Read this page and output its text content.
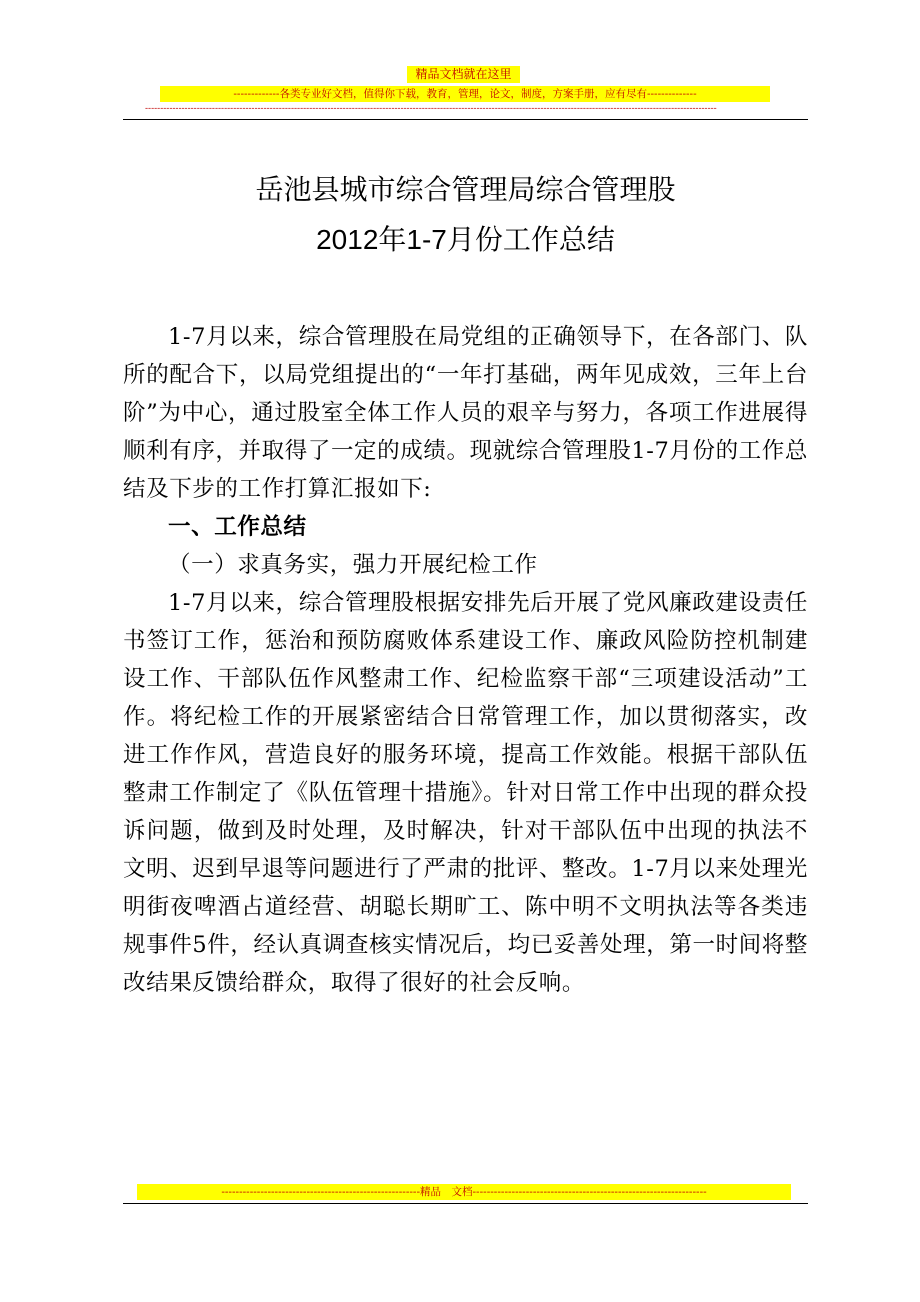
精品文档就在这里
-------------各类专业好文档，值得你下载，教育，管理，论文，制度，方案手册，应有尽有--------------
--------------------------------------------------------------------------------------------------------------------------------------------------------------------------------------------
岳池县城市综合管理局综合管理股
2012年1-7月份工作总结

1-7月以来，综合管理股在局党组的正确领导下，在各部门、队所的配合下，以局党组提出的“一年打基础，两年见成效，三年上台阶”为中心，通过股室全体工作人员的艰辛与努力，各项工作进展得顺利有序，并取得了一定的成绩。现就综合管理股1-7月份的工作总结及下步的工作打算汇报如下:

一、工作总结

（一）求真务实，强力开展纪检工作

1-7月以来，综合管理股根据安排先后开展了党风廉政建设责任书签订工作，惩治和预防腐败体系建设工作、廉政风险防控机制建设工作、干部队伍作风整肃工作、纪检监察干部“三项建设活动”工作。将纪检工作的开展紧密结合日常管理工作，加以贯彻落实，改进工作作风，营造良好的服务环境，提高工作效能。根据干部队伍整肃工作制定了《队伍管理十措施》。针对日常工作中出现的群众投诉问题，做到及时处理，及时解决，针对干部队伍中出现的执法不文明、迟到早退等问题进行了严肃的批评、整改。1-7月以来处理光明街夜啤酒占道经营、胡聪长期旷工、陈中明不文明执法等各类违规事件5件，经认真调查核实情况后，均已妥善处理，第一时间将整改结果反馈给群众，取得了很好的社会反响。

--------------------------------------------------------精品　文档------------------------------------------------------------------
